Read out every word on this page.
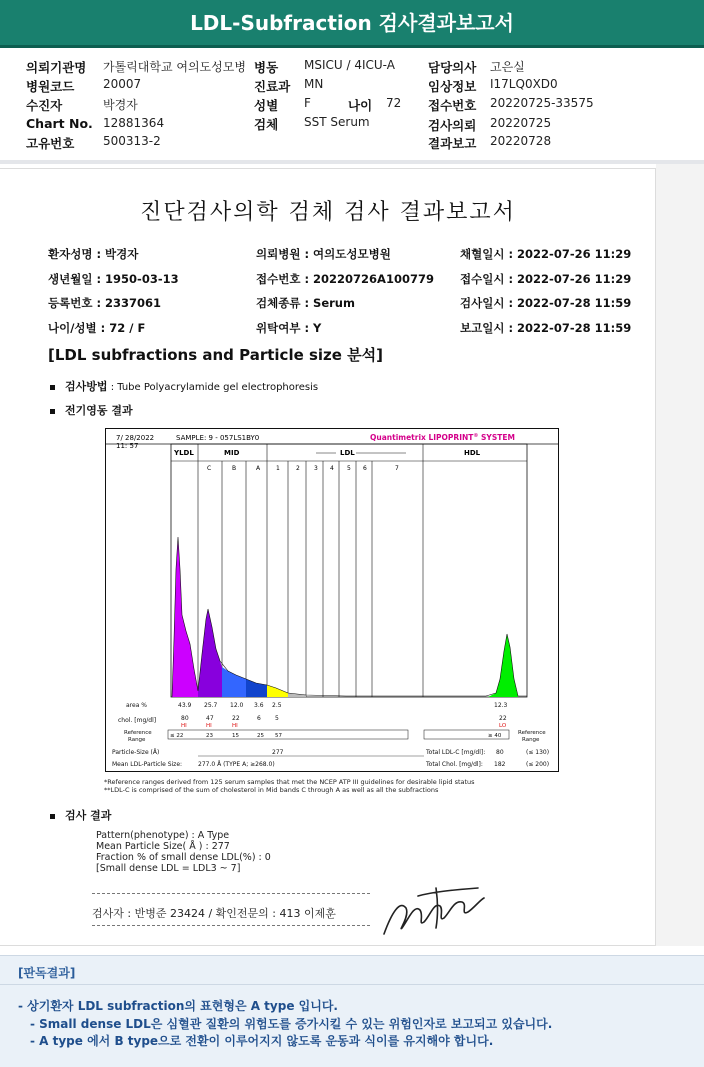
LDL-Subfraction 검사결과보고서
의뢰기관명 가톨릭대학교 여의도성모병 병동 MSICU / 4ICU-A	담당의사 고은실
병원코드 20007	진료과 MN	임상정보 I17LQ0XD0
수진자	박경자	성별 F	나이 72 접수번호 20220725-33575
Chart No. 12881364	검체 SST Serum	검사의뢰 20220725
고유번호 500313-2	결과보고 20220728
진단검사의학 검체 검사 결과보고서
환자성명 : 박경자	의뢰병원 : 여의도성모병원	채혈일시 : 2022-07-26 11:29
생년월일 : 1950-03-13	접수번호 : 20220726A100779 접수일시 : 2022-07-26 11:29
등록번호 : 2337061	검체종류 : Serum	검사일시 : 2022-07-28 11:59
나이/성별 : 72 / F	위탁여부 : Y	보고일시 : 2022-07-28 11:59
[LDL subfractions and Particle size 분석]
검사방법 : Tube Polyacrylamide gel electrophoresis
전기영동 결과
7/ 28/2022
11: 57
SAMPLE: 9 - 057LS1BY0	Quantimetrix LIPOPRINT® SYSTEM
YLDL	MID	LDL	HDL
C	B	A	1	2 3 4 5 6	7
area %	43.9 25.7 12.0 3.6 2.5	12.3
chol. [mg/dl]	80	47	22	6 5	22
HI	HI	HI	LO
Reference
Range
≤ 22	23	15	25 57	≥ 40	Reference
Range
Particle-Size (Å)	277
Mean LDL-Particle Size:	277.0 Å (TYPE A; ≥268.0)
Total LDL-C [mg/dl]: 80	(≤ 130)
Total Chol. [mg/dl]: 182	(≤ 200)
*Reference ranges derived from 125 serum samples that met the NCEP ATP III guidelines for desirable lipid status
**LDL-C is comprised of the sum of cholesterol in Mid bands C through A as well as all the subfractions
검사 결과
Pattern(phenotype) : A Type
Mean Particle Size( Å ) : 277
Fraction % of small dense LDL(%) : 0
[Small dense LDL = LDL3 ~ 7]
검사자 : 반병준 23424 / 확인전문의 : 413 이제훈
[판독결과]
- 상기환자 LDL subfraction의 표현형은 A type 입니다.
- Small dense LDL은 심혈관 질환의 위험도를 증가시킬 수 있는 위험인자로 보고되고 있습니다.
- A type 에서 B type으로 전환이 이루어지지 않도록 운동과 식이를 유지해야 합니다.
